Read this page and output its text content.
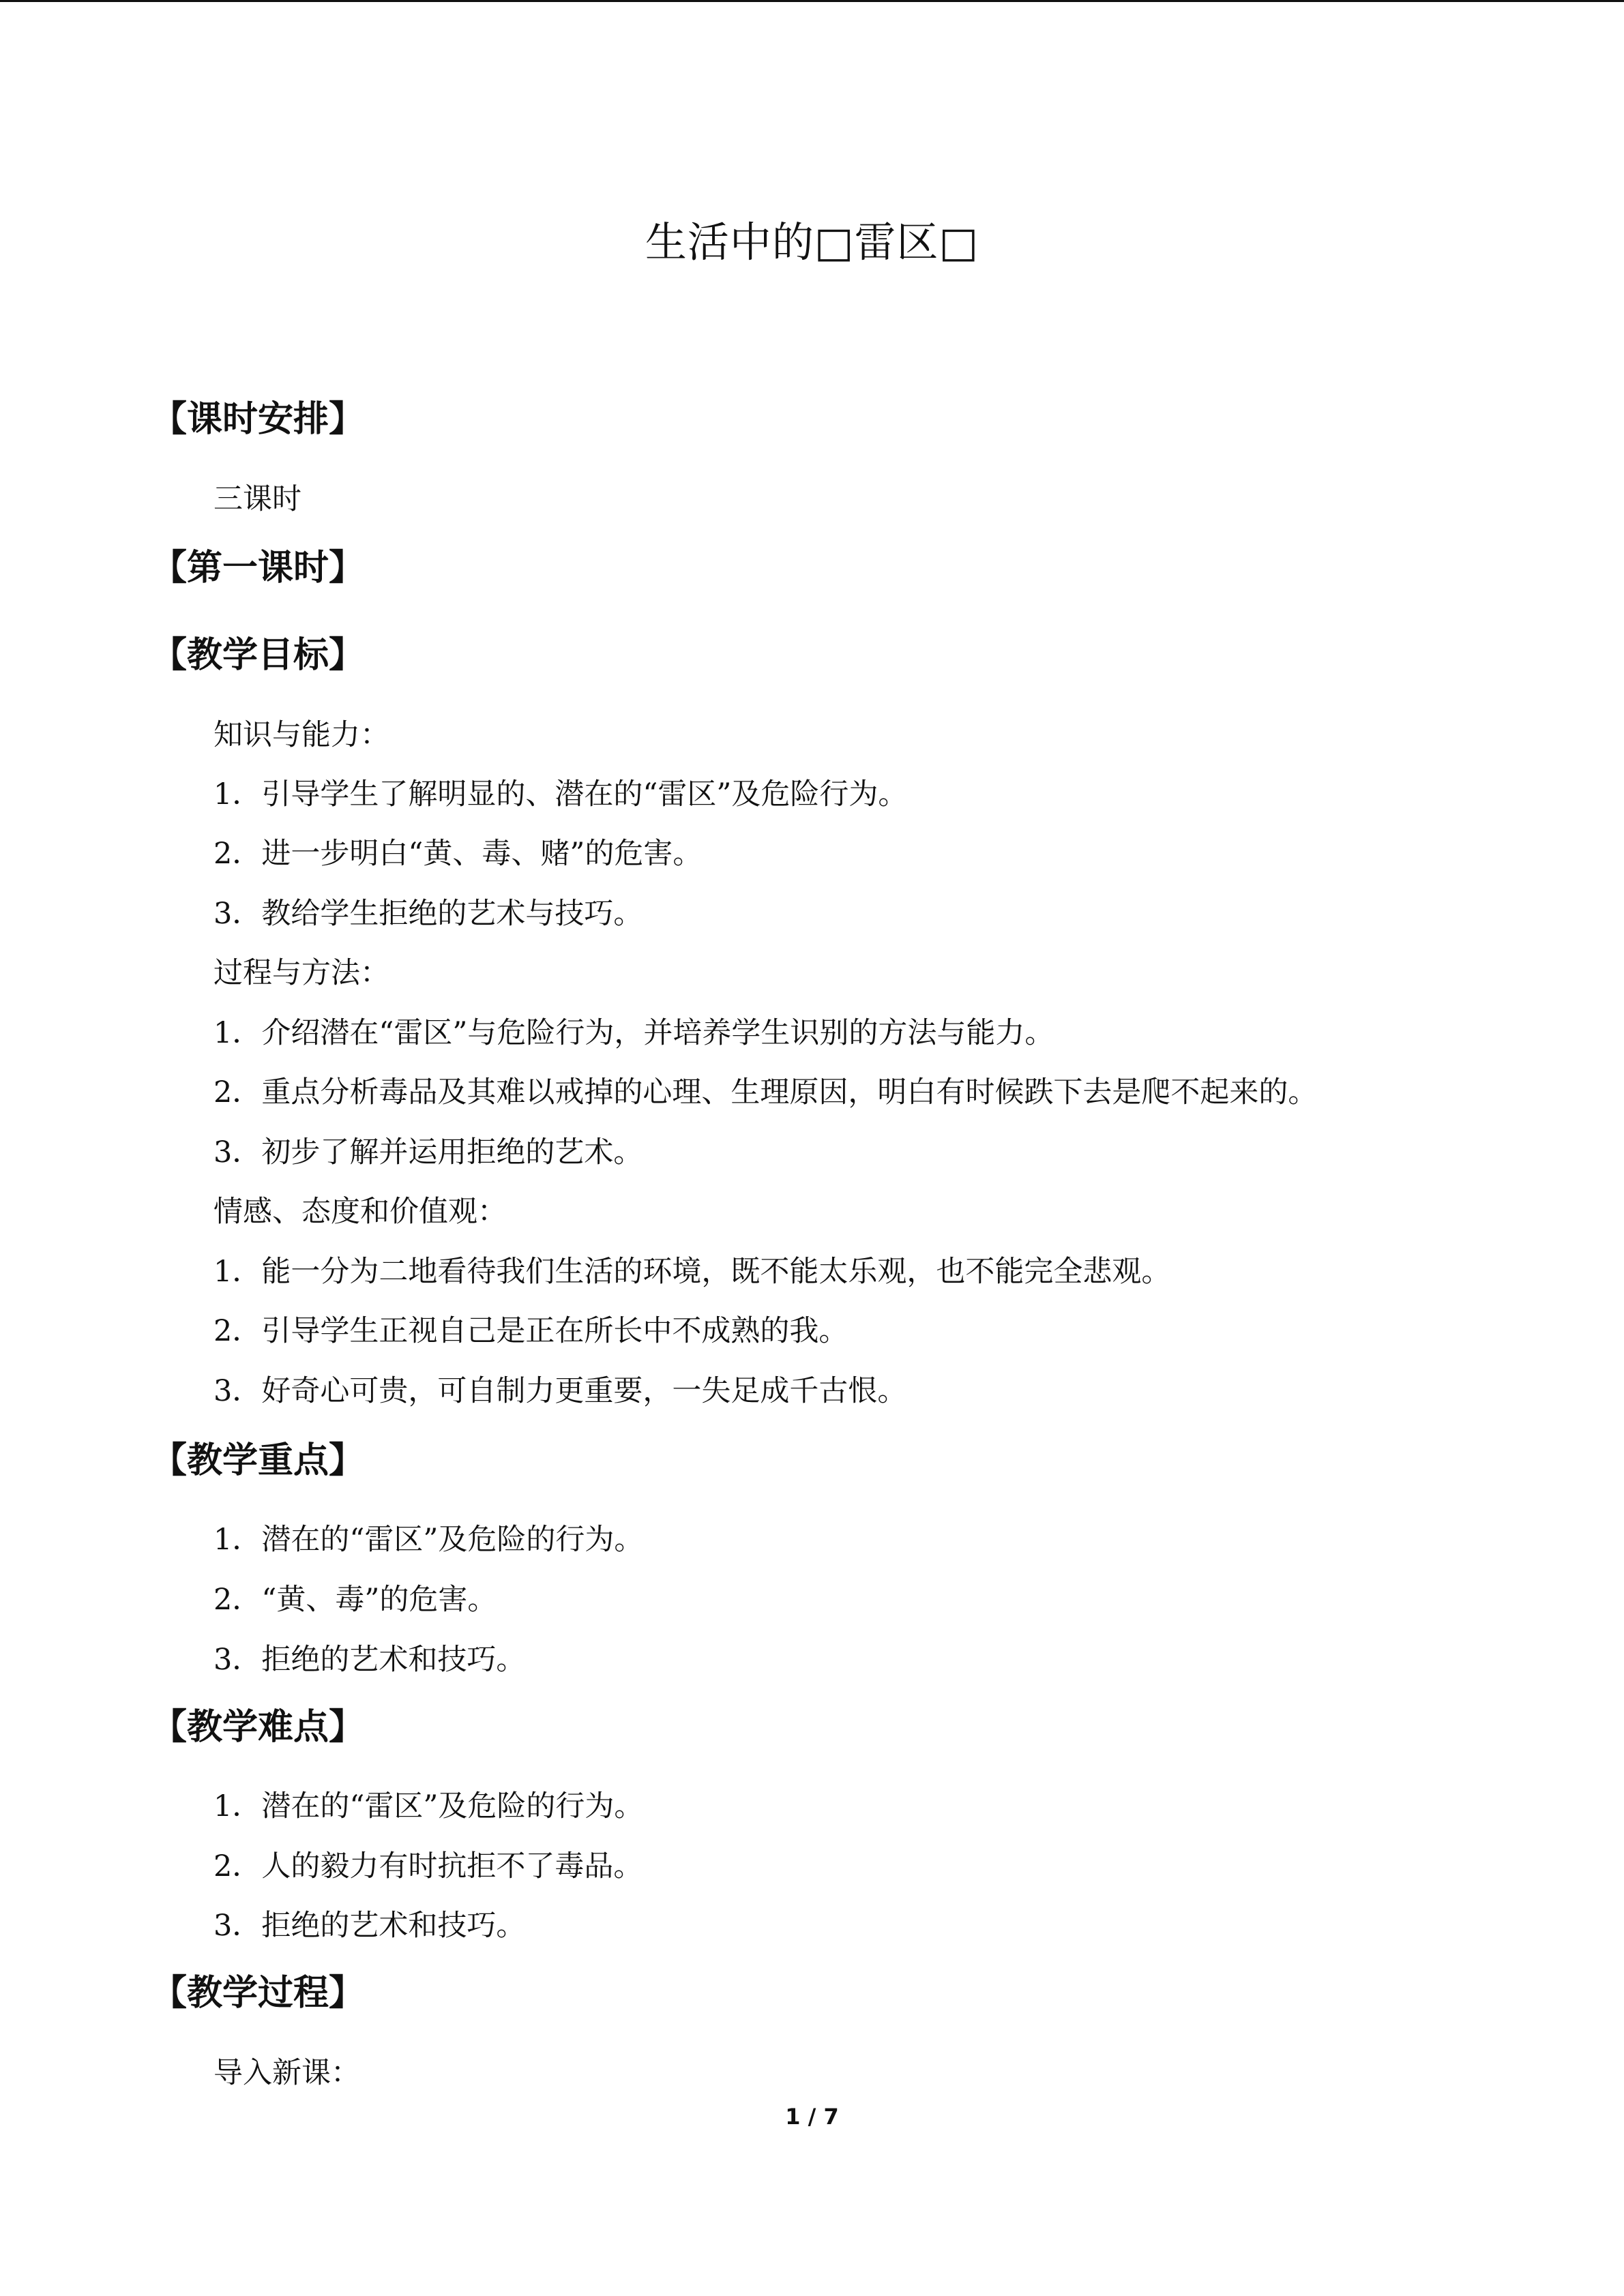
生活中的□雷区□
【课时安排】
三课时
【第一课时】
【教学目标】
知识与能力：
1．引导学生了解明显的、潜在的“雷区”及危险行为。
2．进一步明白“黄、毒、赌”的危害。
3．教给学生拒绝的艺术与技巧。
过程与方法：
1．介绍潜在“雷区”与危险行为，并培养学生识别的方法与能力。
2．重点分析毒品及其难以戒掉的心理、生理原因，明白有时候跌下去是爬不起来的。
3．初步了解并运用拒绝的艺术。
情感、态度和价值观：
1．能一分为二地看待我们生活的环境，既不能太乐观，也不能完全悲观。
2．引导学生正视自己是正在所长中不成熟的我。
3．好奇心可贵，可自制力更重要，一失足成千古恨。
【教学重点】
1．潜在的“雷区”及危险的行为。
2．“黄、毒”的危害。
3．拒绝的艺术和技巧。
【教学难点】
1．潜在的“雷区”及危险的行为。
2．人的毅力有时抗拒不了毒品。
3．拒绝的艺术和技巧。
【教学过程】
导入新课：
1 / 7
